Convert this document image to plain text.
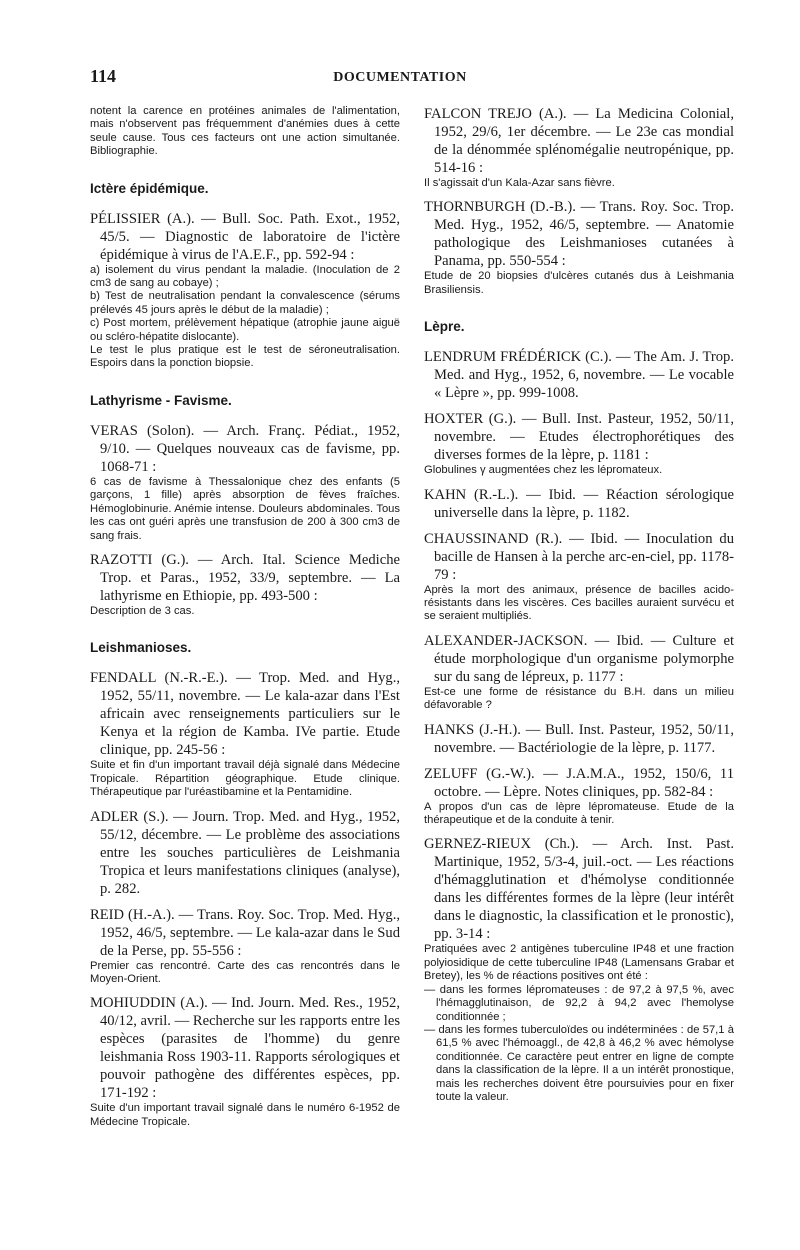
114	DOCUMENTATION
notent la carence en protéines animales de l'alimentation, mais n'observent pas fréquemment d'anémies dues à cette seule cause. Tous ces facteurs ont une action simultanée. Bibliographie.
Ictère épidémique.
PÉLISSIER (A.). — Bull. Soc. Path. Exot., 1952, 45/5. — Diagnostic de laboratoire de l'ictère épidémique à virus de l'A.E.F., pp. 592-94 :

a) isolement du virus pendant la maladie. (Inoculation de 2 cm3 de sang au cobaye) ;

b) Test de neutralisation pendant la convalescence (sérums prélevés 45 jours après le début de la maladie) ;

c) Post mortem, prélèvement hépatique (atrophie jaune aiguë ou scléro-hépatite dislocante).

Le test le plus pratique est le test de séroneutralisation. Espoirs dans la ponction biopsie.

Lathyrisme - Favisme.
VERAS (Solon). — Arch. Franç. Pédiat., 1952, 9/10. — Quelques nouveaux cas de favisme, pp. 1068-71 :

6 cas de favisme à Thessalonique chez des enfants (5 garçons, 1 fille) après absorption de fèves fraîches. Hémoglobinurie. Anémie intense. Douleurs abdominales. Tous les cas ont guéri après une transfusion de 200 à 300 cm3 de sang frais.

RAZOTTI (G.). — Arch. Ital. Science Mediche Trop. et Paras., 1952, 33/9, septembre. — La lathyrisme en Ethiopie, pp. 493-500 :

Description de 3 cas.

Leishmanioses.
FENDALL (N.-R.-E.). — Trop. Med. and Hyg., 1952, 55/11, novembre. — Le kala-azar dans l'Est africain avec renseignements particuliers sur le Kenya et la région de Kamba. IVe partie. Etude clinique, pp. 245-56 :

Suite et fin d'un important travail déjà signalé dans Médecine Tropicale. Répartition géographique. Etude clinique. Thérapeutique par l'uréastibamine et la Pentamidine.

ADLER (S.). — Journ. Trop. Med. and Hyg., 1952, 55/12, décembre. — Le problème des associations entre les souches particulières de Leishmania Tropica et leurs manifestations cliniques (analyse), p. 282.
REID (H.-A.). — Trans. Roy. Soc. Trop. Med. Hyg., 1952, 46/5, septembre. — Le kala-azar dans le Sud de la Perse, pp. 55-556 :

Premier cas rencontré. Carte des cas rencontrés dans le Moyen-Orient.

MOHIUDDIN (A.). — Ind. Journ. Med. Res., 1952, 40/12, avril. — Recherche sur les rapports entre les espèces (parasites de l'homme) du genre leishmania Ross 1903-11. Rapports sérologiques et pouvoir pathogène des différentes espèces, pp. 171-192 :

Suite d'un important travail signalé dans le numéro 6-1952 de Médecine Tropicale.

FALCON TREJO (A.). — La Medicina Colonial, 1952, 29/6, 1er décembre. — Le 23e cas mondial de la dénommée splénomégalie neutropénique, pp. 514-16 :

Il s'agissait d'un Kala-Azar sans fièvre.

THORNBURGH (D.-B.). — Trans. Roy. Soc. Trop. Med. Hyg., 1952, 46/5, septembre. — Anatomie pathologique des Leishmanioses cutanées à Panama, pp. 550-554 :

Etude de 20 biopsies d'ulcères cutanés dus à Leishmania Brasiliensis.

Lèpre.
LENDRUM FRÉDÉRICK (C.). — The Am. J. Trop. Med. and Hyg., 1952, 6, novembre. — Le vocable « Lèpre », pp. 999-1008.
HOXTER (G.). — Bull. Inst. Pasteur, 1952, 50/11, novembre. — Etudes électrophorétiques des diverses formes de la lèpre, p. 1181 :

Globulines γ augmentées chez les lépromateux.

KAHN (R.-L.). — Ibid. — Réaction sérologique universelle dans la lèpre, p. 1182.
CHAUSSINAND (R.). — Ibid. — Inoculation du bacille de Hansen à la perche arc-en-ciel, pp. 1178-79 :

Après la mort des animaux, présence de bacilles acido-résistants dans les viscères. Ces bacilles auraient survécu et se seraient multipliés.

ALEXANDER-JACKSON. — Ibid. — Culture et étude morphologique d'un organisme polymorphe sur du sang de lépreux, p. 1177 :

Est-ce une forme de résistance du B.H. dans un milieu défavorable ?

HANKS (J.-H.). — Bull. Inst. Pasteur, 1952, 50/11, novembre. — Bactériologie de la lèpre, p. 1177.
ZELUFF (G.-W.). — J.A.M.A., 1952, 150/6, 11 octobre. — Lèpre. Notes cliniques, pp. 582-84 :

A propos d'un cas de lèpre lépromateuse. Etude de la thérapeutique et de la conduite à tenir.

GERNEZ-RIEUX (Ch.). — Arch. Inst. Past. Martinique, 1952, 5/3-4, juil.-oct. — Les réactions d'hémagglutination et d'hémolyse conditionnée dans les différentes formes de la lèpre (leur intérêt dans le diagnostic, la classification et le pronostic), pp. 3-14 :

Pratiquées avec 2 antigènes tuberculine IP48 et une fraction polyiosidique de cette tuberculine IP48 (Lamensans Grabar et Bretey), les % de réactions positives ont été :

— dans les formes lépromateuses : de 97,2 à 97,5 %, avec l'hémagglutinaison, de 92,2 à 94,2 avec l'hemolyse conditionnée ;

— dans les formes tuberculoïdes ou indéterminées : de 57,1 à 61,5 % avec l'hémoaggl., de 42,8 à 46,2 % avec hémolyse conditionnée. Ce caractère peut entrer en ligne de compte dans la classification de la lèpre. Il a un intérêt pronostique, mais les recherches doivent être poursuivies pour en fixer toute la valeur.
